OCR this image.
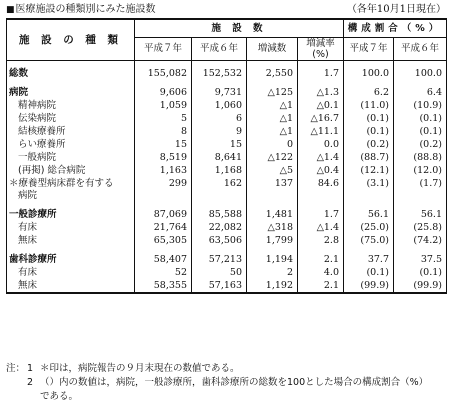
■医療施設の種類別にみた施設数	（各年10月1日現在）
施 設 の 種 類	施 設 数				構成割合（%）	
	平成７年	平成６年	増減数	増減率
(%)	平成７年	平成６年

総数	155,082	152,532	2,550	1.7	100.0	100.0

病院	9,606	9,731	△125	△1.3	6.2	6.4
精神病院	1,059	1,060	△1	△0.1	(11.0)	(10.9)
伝染病院	5	6	△1	△16.7	(0.1)	(0.1)
結核療養所	8	9	△1	△11.1	(0.1)	(0.1)
らい療養所	15	15	0	0.0	(0.2)	(0.2)
一般病院	8,519	8,641	△122	△1.4	(88.7)	(88.8)
(再掲) 総合病院	1,163	1,168	△5	△0.4	(12.1)	(12.0)
＊療養型病床群を有する	299	162	137	84.6	(3.1)	(1.7)
病院						

一般診療所	87,069	85,588	1,481	1.7	56.1	56.1
有床	21,764	22,082	△318	△1.4	(25.0)	(25.8)
無床	65,305	63,506	1,799	2.8	(75.0)	(74.2)

歯科診療所	58,407	57,213	1,194	2.1	37.7	37.5
有床	52	50	2	4.0	(0.1)	(0.1)
無床	58,355	57,163	1,192	2.1	(99.9)	(99.9)
注： 1 ＊印は，病院報告の９月末現在の数値である。
2 （）内の数値は，病院，一般診療所，歯科診療所の総数を100とした場合の構成割合（%）
である。
